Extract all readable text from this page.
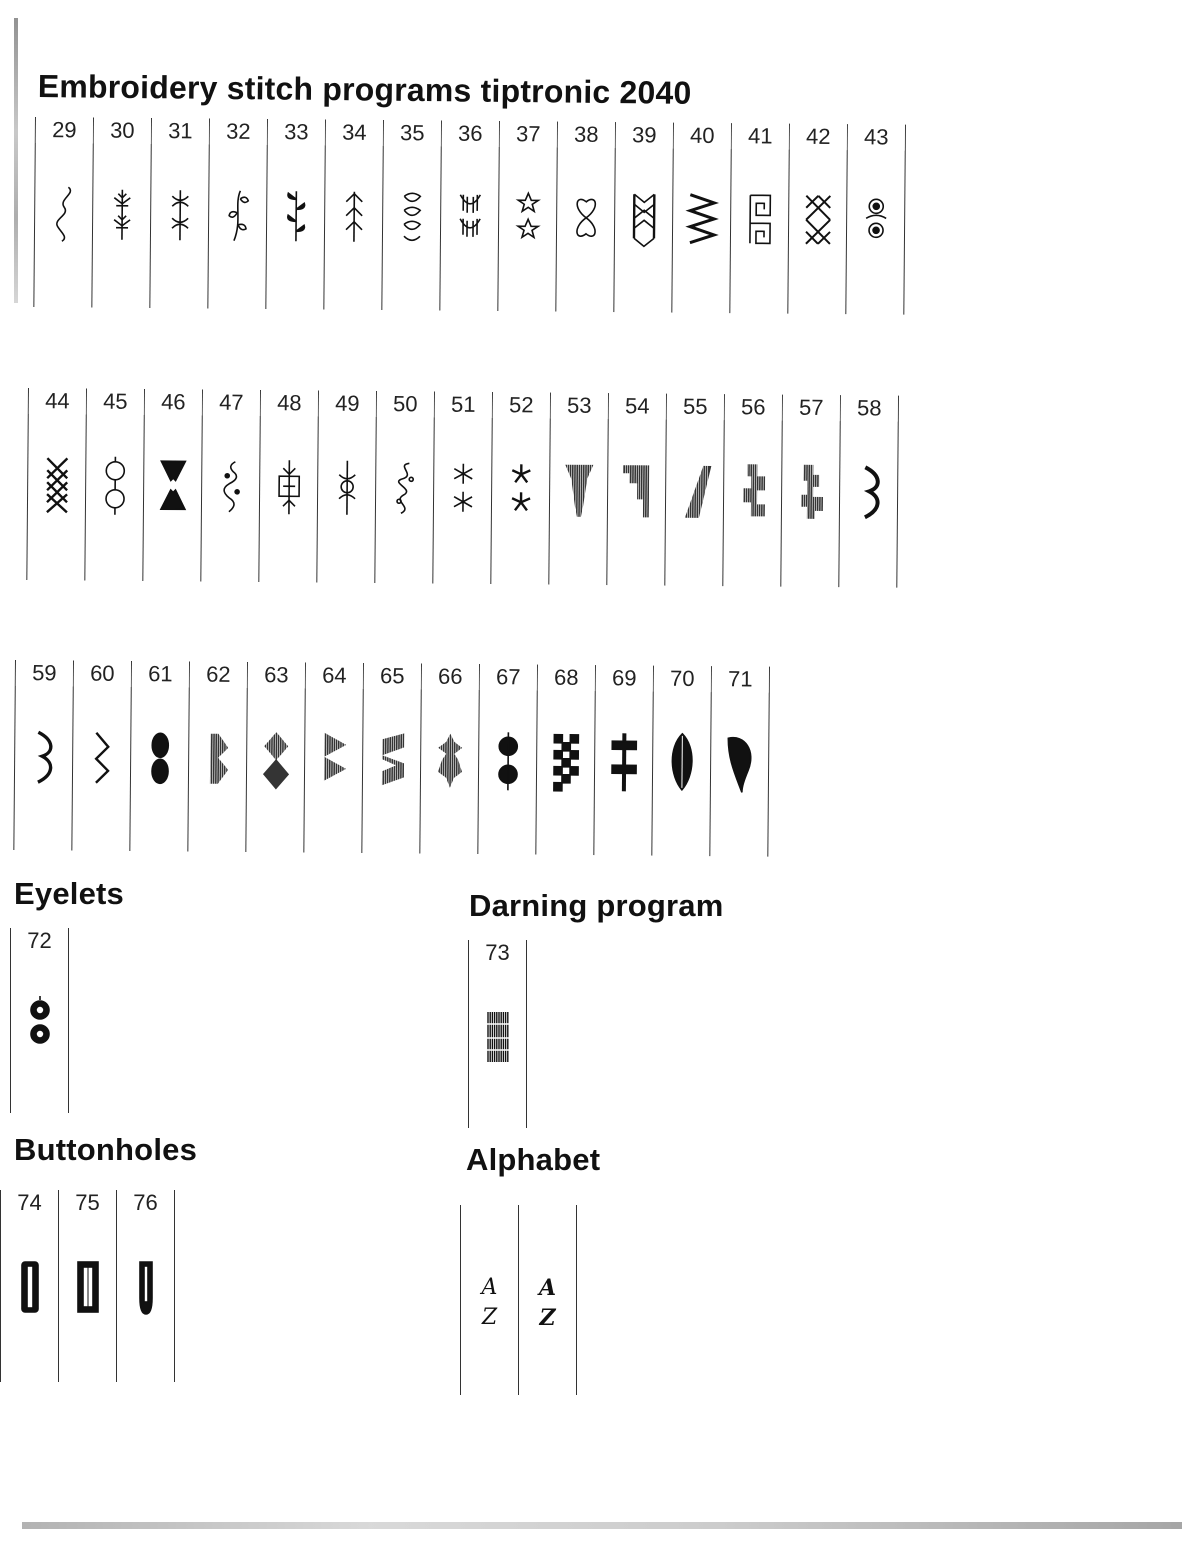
Embroidery stitch programs tiptronic 2040
29	30	31	32	33	34	35	36	37	38	39	40	41	42	43
44	45	46	47	48	49	50	51	52	53	54	55	56	57	58
59	60	61	62	63	64	65	66	67	68	69	70	71
Eyelets
72
Darning program
73
Buttonholes
74	75	76
Alphabet
A
Z
A
Z
